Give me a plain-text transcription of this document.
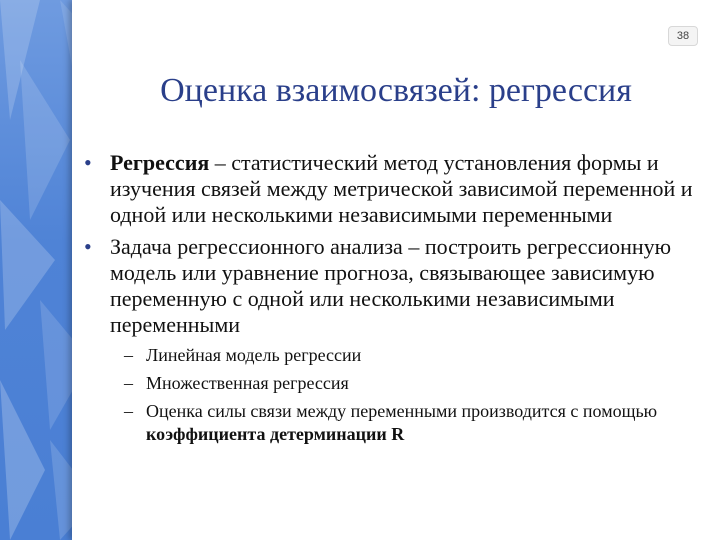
38
Оценка взаимосвязей: регрессия
• Регрессия – статистический метод установления формы и изучения связей между метрической зависимой переменной и одной или несколькими независимыми переменными
• Задача регрессионного анализа – построить регрессионную модель или уравнение прогноза, связывающее зависимую переменную с одной или несколькими независимыми переменными
– Линейная модель регрессии
– Множественная регрессия
– Оценка силы связи между переменными производится с помощью коэффициента детерминации R
